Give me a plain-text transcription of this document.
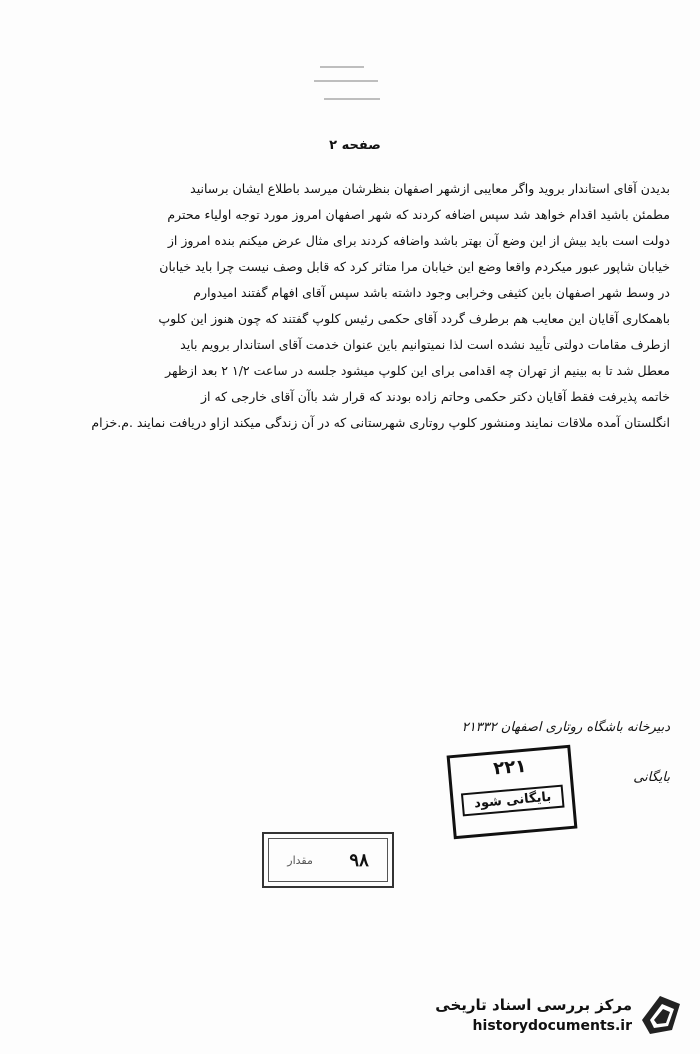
صفحه ۲
بدیدن آقای استاندار بروید واگر معایبی ازشهر اصفهان بنظرشان میرسد باطلاع ایشان برسانید
مطمئن باشید اقدام خواهد شد سپس اضافه کردند که شهر اصفهان امروز مورد توجه اولیاء محترم
دولت است باید بیش از این وضع آن بهتر باشد واضافه کردند برای مثال عرض میکنم بنده امروز از
خیابان شاپور عبور میکردم واقعا وضع این خیابان مرا متاثر کرد که قابل وصف نیست چرا باید خیابان
در وسط شهر اصفهان باین کثیفی وخرابی وجود داشته باشد سپس آقای افهام گفتند امیدوارم
باهمکاری آقایان این معایب هم برطرف گردد آقای حکمی رئیس کلوپ گفتند که چون هنوز این کلوپ
ازطرف مقامات دولتی تأیید نشده است لذا نمیتوانیم باین عنوان خدمت آقای استاندار برویم باید
معطل شد تا به بینیم از تهران چه اقدامی برای این کلوپ میشود جلسه در ساعت ۱/۲ ۲ بعد ازظهر
خاتمه پذیرفت فقط آقایان دکتر حکمی وحاتم زاده بودند که قرار شد باآن آقای خارجی که از
انگلستان آمده ملاقات نمایند ومنشور کلوپ روتاری شهرستانی که در آن زندگی میکند ازاو دریافت نمایند .م.خزام
دبیرخانه باشگاه روتاری اصفهان ۲۱۳۳۲
بایگانی
۲۲۱
بایگانی شود
۹۸
مقدار
مرکز بررسی اسناد تاریخی
historydocuments.ir
